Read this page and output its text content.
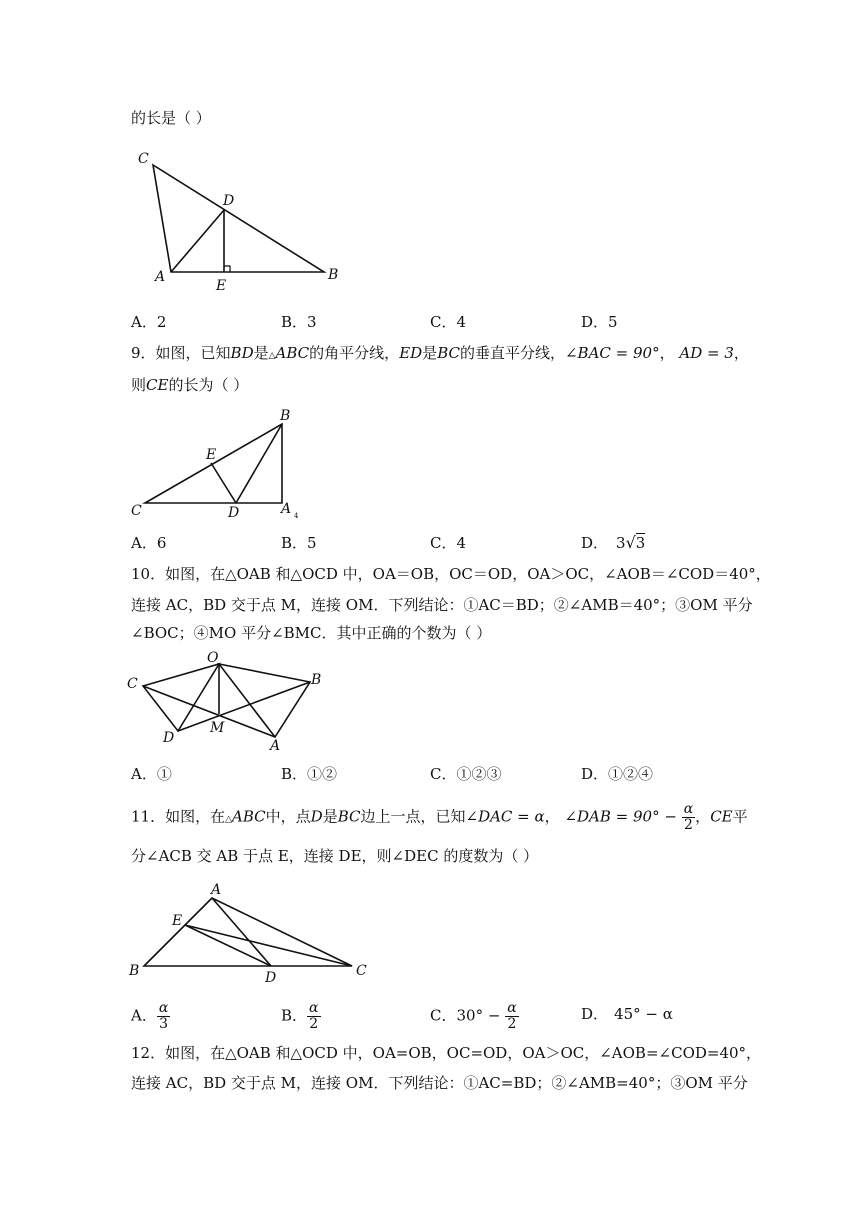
的长是（ ）
C
D
A
E
B
A．2	B．3	C．4	D．5
9．如图，已知BD是△ABC的角平分线，ED是BC的垂直平分线，∠BAC = 90°， AD = 3，
则CE的长为（ ）
B
E
C	D	A 4
A．6	B．5	C．4	D． 3√3
10．如图，在△OAB 和△OCD 中，OA＝OB，OC＝OD，OA＞OC，∠AOB＝∠COD＝40°，
连接 AC，BD 交于点 M，连接 OM．下列结论：①AC＝BD；②∠AMB＝40°；③OM 平分
∠BOC；④MO 平分∠BMC．其中正确的个数为（ ）
O
C	B
M
D	A
A．①	B．①②	C．①②③	D．①②④
11．如图，在△ABC中，点D是BC边上一点，已知∠DAC = α， ∠DAB = $90^\circ - \frac{\alpha}{2}$ ，CE平
分∠ACB 交 AB 于点 E，连接 DE，则∠DEC 的度数为（ ）
A
E
B	D	C
A． $\frac{\alpha}{3}$	B． $\frac{\alpha}{2}$	C．$30^\circ - \frac{\alpha}{2}$	D． 45° − α
12．如图，在△OAB 和△OCD 中，OA=OB，OC=OD，OA＞OC，∠AOB=∠COD=40°，
连接 AC，BD 交于点 M，连接 OM．下列结论：①AC=BD；②∠AMB=40°；③OM 平分
